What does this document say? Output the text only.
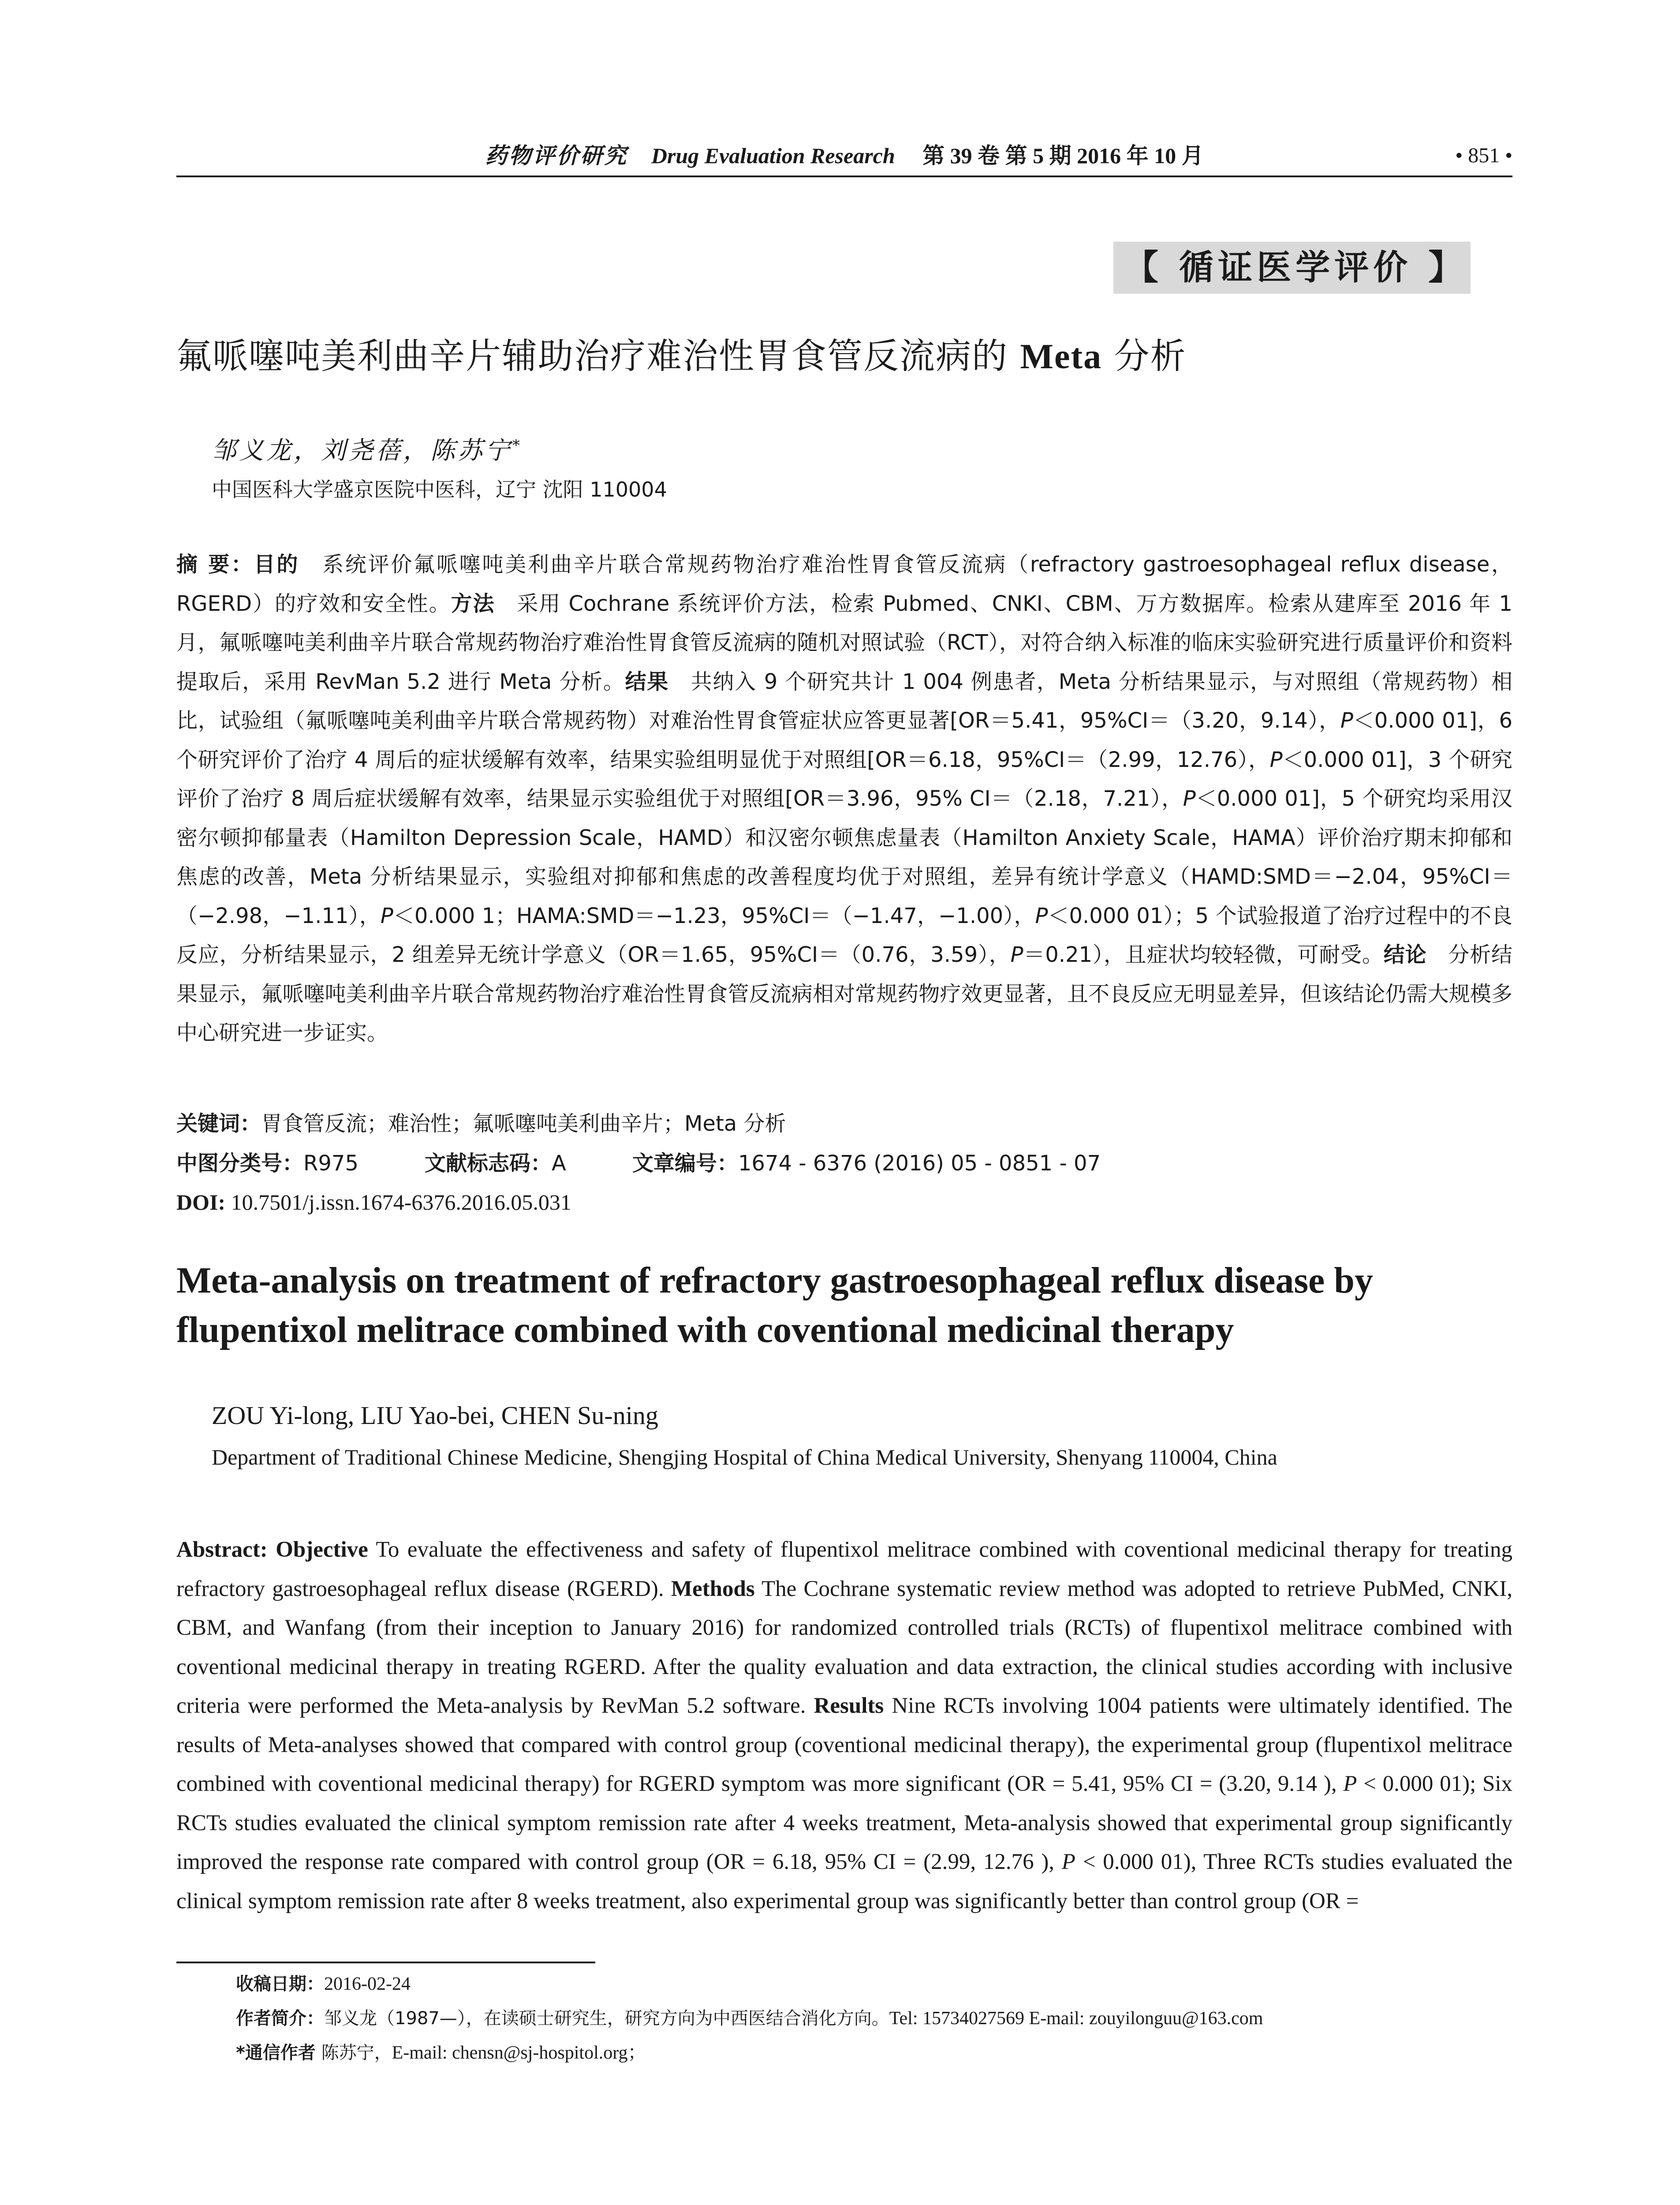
药物评价研究 Drug Evaluation Research 第 39 卷 第 5 期 2016 年 10 月	• 851 •
【 循证医学评价 】
氟哌噻吨美利曲辛片辅助治疗难治性胃食管反流病的 Meta 分析
邹义龙，刘尧蓓，陈苏宁*
中国医科大学盛京医院中医科，辽宁 沈阳 110004
摘 要：目的　系统评价氟哌噻吨美利曲辛片联合常规药物治疗难治性胃食管反流病（refractory gastroesophageal reflux disease，RGERD）的疗效和安全性。方法　采用 Cochrane 系统评价方法，检索 Pubmed、CNKI、CBM、万方数据库。检索从建库至 2016 年 1 月，氟哌噻吨美利曲辛片联合常规药物治疗难治性胃食管反流病的随机对照试验（RCT），对符合纳入标准的临床实验研究进行质量评价和资料提取后，采用 RevMan 5.2 进行 Meta 分析。结果　共纳入 9 个研究共计 1 004 例患者，Meta 分析结果显示，与对照组（常规药物）相比，试验组（氟哌噻吨美利曲辛片联合常规药物）对难治性胃食管症状应答更显著[OR＝5.41，95%CI＝（3.20，9.14），P＜0.000 01]，6 个研究评价了治疗 4 周后的症状缓解有效率，结果实验组明显优于对照组[OR＝6.18，95%CI＝（2.99，12.76），P＜0.000 01]，3 个研究评价了治疗 8 周后症状缓解有效率，结果显示实验组优于对照组[OR＝3.96，95% CI＝（2.18，7.21），P＜0.000 01]，5 个研究均采用汉密尔顿抑郁量表（Hamilton Depression Scale，HAMD）和汉密尔顿焦虑量表（Hamilton Anxiety Scale，HAMA）评价治疗期末抑郁和焦虑的改善，Meta 分析结果显示，实验组对抑郁和焦虑的改善程度均优于对照组，差异有统计学意义（HAMD:SMD＝−2.04，95%CI＝（−2.98，−1.11），P＜0.000 1；HAMA:SMD＝−1.23，95%CI＝（−1.47，−1.00），P＜0.000 01）；5 个试验报道了治疗过程中的不良反应，分析结果显示，2 组差异无统计学意义（OR＝1.65，95%CI＝（0.76，3.59），P＝0.21），且症状均较轻微，可耐受。结论　分析结果显示，氟哌噻吨美利曲辛片联合常规药物治疗难治性胃食管反流病相对常规药物疗效更显著，且不良反应无明显差异，但该结论仍需大规模多中心研究进一步证实。
关键词：胃食管反流；难治性；氟哌噻吨美利曲辛片；Meta 分析
中图分类号：R975	文献标志码：A	文章编号：1674 - 6376 (2016) 05 - 0851 - 07
DOI: 10.7501/j.issn.1674-6376.2016.05.031
Meta-analysis on treatment of refractory gastroesophageal reflux disease by flupentixol melitrace combined with coventional medicinal therapy
ZOU Yi-long, LIU Yao-bei, CHEN Su-ning
Department of Traditional Chinese Medicine, Shengjing Hospital of China Medical University, Shenyang 110004, China
Abstract: Objective To evaluate the effectiveness and safety of flupentixol melitrace combined with coventional medicinal therapy for treating refractory gastroesophageal reflux disease (RGERD). Methods The Cochrane systematic review method was adopted to retrieve PubMed, CNKI, CBM, and Wanfang (from their inception to January 2016) for randomized controlled trials (RCTs) of flupentixol melitrace combined with coventional medicinal therapy in treating RGERD. After the quality evaluation and data extraction, the clinical studies according with inclusive criteria were performed the Meta-analysis by RevMan 5.2 software. Results Nine RCTs involving 1004 patients were ultimately identified. The results of Meta-analyses showed that compared with control group (coventional medicinal therapy), the experimental group (flupentixol melitrace combined with coventional medicinal therapy) for RGERD symptom was more significant (OR = 5.41, 95% CI = (3.20, 9.14 ), P < 0.000 01); Six RCTs studies evaluated the clinical symptom remission rate after 4 weeks treatment, Meta-analysis showed that experimental group significantly improved the response rate compared with control group (OR = 6.18, 95% CI = (2.99, 12.76 ), P < 0.000 01), Three RCTs studies evaluated the clinical symptom remission rate after 8 weeks treatment, also experimental group was significantly better than control group (OR =
收稿日期：2016-02-24
作者简介：邹义龙（1987—），在读硕士研究生，研究方向为中西医结合消化方向。Tel: 15734027569 E-mail: zouyilonguu@163.com
*通信作者 陈苏宁，E-mail: chensn@sj-hospitol.org；
